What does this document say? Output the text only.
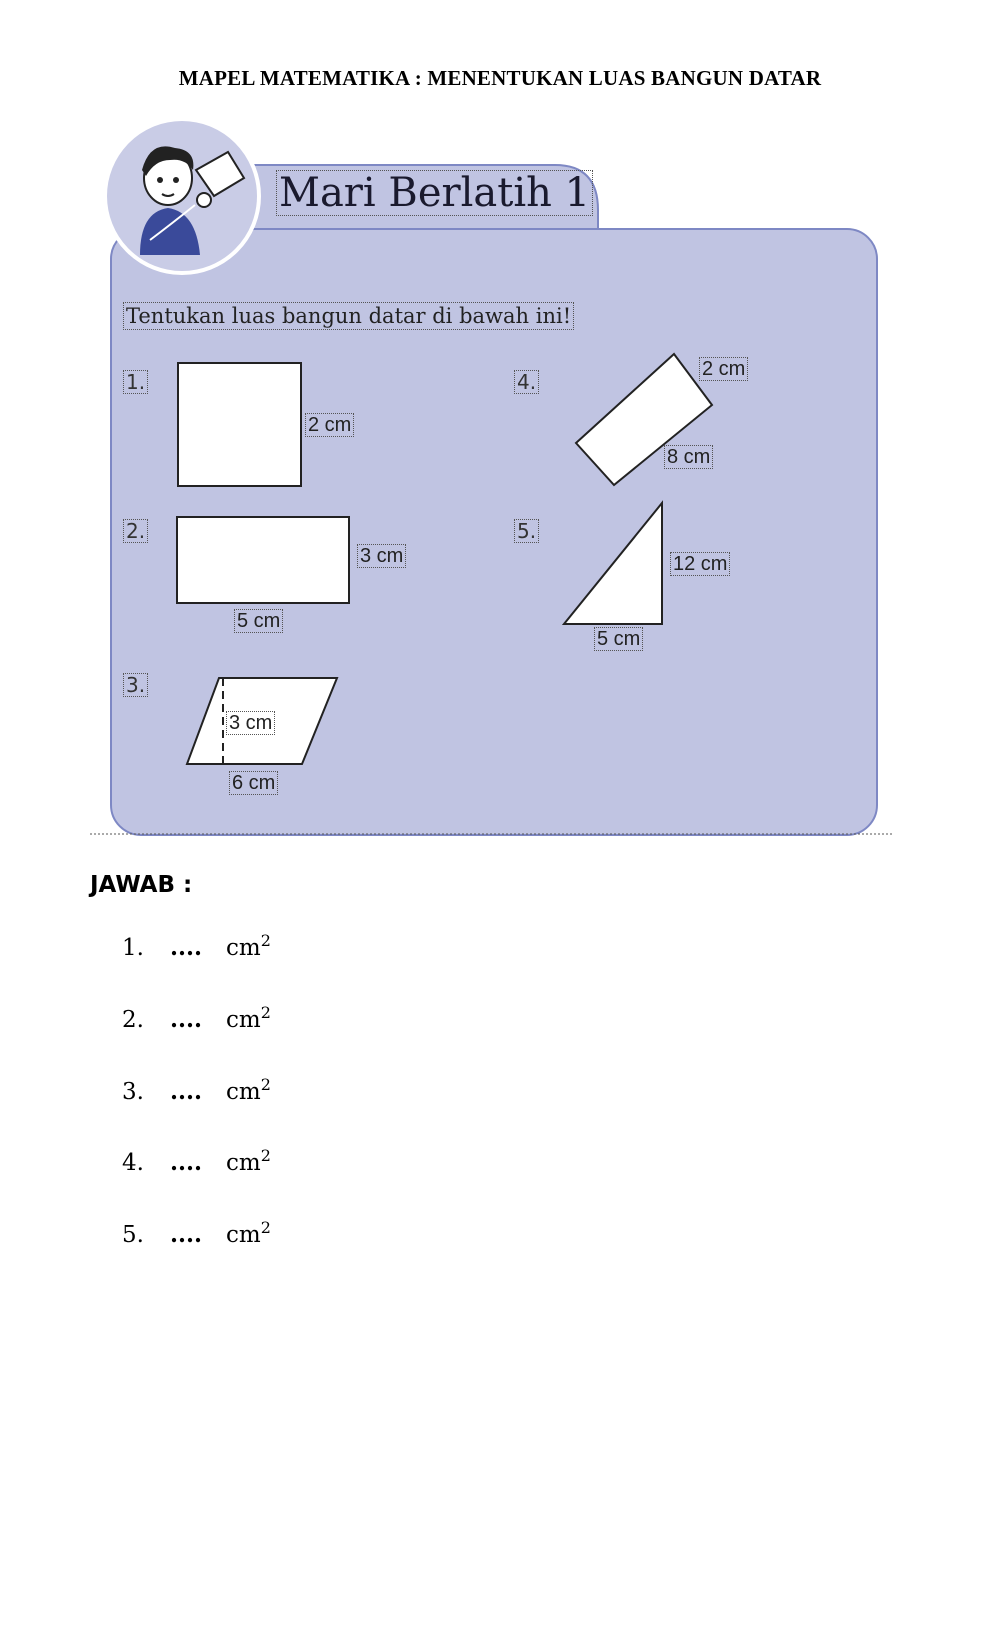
MAPEL MATEMATIKA : MENENTUKAN LUAS BANGUN DATAR
Mari Berlatih 1
Tentukan luas bangun datar di bawah ini!
1.
2.
3.
4.
5.
2 cm
3 cm
5 cm
3 cm
6 cm
2 cm
8 cm
12 cm
5 cm
JAWAB :
1. .... $cm^2$
2. .... $cm^2$
3. .... $cm^2$
4. .... $cm^2$
5. .... $cm^2$
